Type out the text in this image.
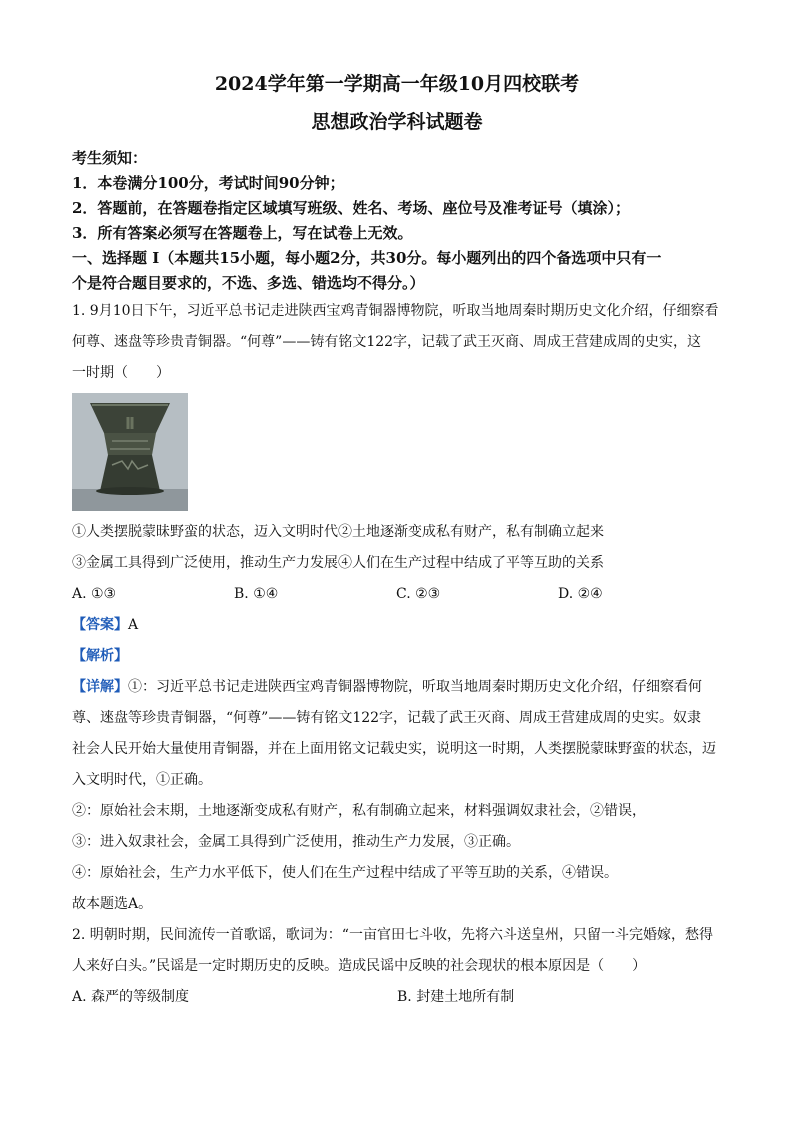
2024学年第一学期高一年级10月四校联考
思想政治学科试题卷
考生须知：
1．本卷满分100分，考试时间90分钟；
2．答题前，在答题卷指定区域填写班级、姓名、考场、座位号及准考证号（填涂）；
3．所有答案必须写在答题卷上，写在试卷上无效。
一、选择题 Ⅰ（本题共15小题，每小题2分，共30分。每小题列出的四个备选项中只有一
个是符合题目要求的，不选、多选、错选均不得分。）
1. 9月10日下午，习近平总书记走进陕西宝鸡青铜器博物院，听取当地周秦时期历史文化介绍，仔细察看
何尊、逨盘等珍贵青铜器。“何尊”——铸有铭文122字，记载了武王灭商、周成王营建成周的史实，这
一时期（　　）
①人类摆脱蒙昧野蛮的状态，迈入文明时代②土地逐渐变成私有财产，私有制确立起来
③金属工具得到广泛使用，推动生产力发展④人们在生产过程中结成了平等互助的关系
A. ①③	B. ①④	C. ②③	D. ②④
【答案】A
【解析】
【详解】①：习近平总书记走进陕西宝鸡青铜器博物院，听取当地周秦时期历史文化介绍，仔细察看何
尊、逨盘等珍贵青铜器，“何尊”——铸有铭文122字，记载了武王灭商、周成王营建成周的史实。奴隶
社会人民开始大量使用青铜器，并在上面用铭文记载史实，说明这一时期，人类摆脱蒙昧野蛮的状态，迈
入文明时代，①正确。
②：原始社会末期，土地逐渐变成私有财产，私有制确立起来，材料强调奴隶社会，②错误，
③：进入奴隶社会，金属工具得到广泛使用，推动生产力发展，③正确。
④：原始社会，生产力水平低下，使人们在生产过程中结成了平等互助的关系，④错误。
故本题选A。
2. 明朝时期，民间流传一首歌谣，歌词为：“一亩官田七斗收，先将六斗送皇州，只留一斗完婚嫁，愁得
人来好白头。”民谣是一定时期历史的反映。造成民谣中反映的社会现状的根本原因是（　　）
A. 森严的等级制度	B. 封建土地所有制
